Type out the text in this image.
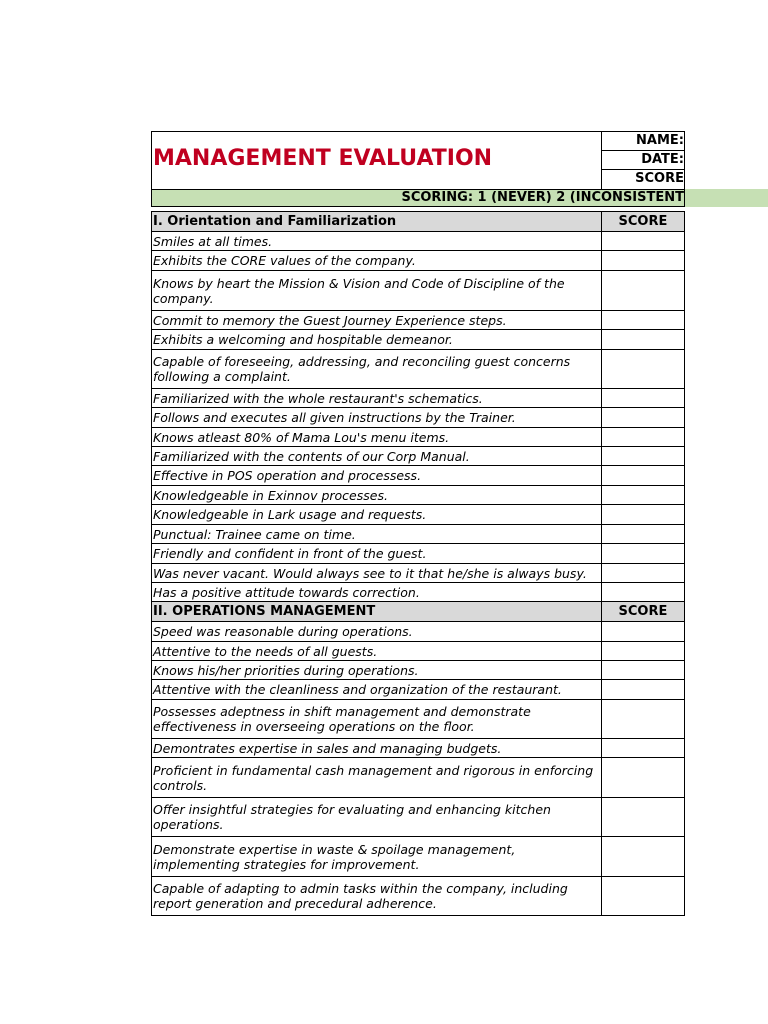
MANAGEMENT EVALUATION
NAME:
DATE:
SCORE
SCORING: 1 (NEVER) 2 (INCONSISTENT
I. Orientation and Familiarization	SCORE
Smiles at all times.	
Exhibits the CORE values of the company.	
Knows by heart the Mission & Vision and Code of Discipline of the company.	
Commit to memory the Guest Journey Experience steps.	
Exhibits a welcoming and hospitable demeanor.	
Capable of foreseeing, addressing, and reconciling guest concerns following a complaint.	
Familiarized with the whole restaurant's schematics.	
Follows and executes all given instructions by the Trainer.	
Knows atleast 80% of Mama Lou's menu items.	
Familiarized with the contents of our Corp Manual.	
Effective in POS operation and processess.	
Knowledgeable in Exinnov processes.	
Knowledgeable in Lark usage and requests.	
Punctual: Trainee came on time.	
Friendly and confident in front of the guest.	
Was never vacant. Would always see to it that he/she is always busy.	
Has a positive attitude towards correction.	
II. OPERATIONS MANAGEMENT	SCORE
Speed was reasonable during operations.	
Attentive to the needs of all guests.	
Knows his/her priorities during operations.	
Attentive with the cleanliness and organization of the restaurant.	
Possesses adeptness in shift management and demonstrate effectiveness in overseeing operations on the floor.	
Demontrates expertise in sales and managing budgets.	
Proficient in fundamental cash management and rigorous in enforcing controls.	
Offer insightful strategies for evaluating and enhancing kitchen operations.	
Demonstrate expertise in waste & spoilage management, implementing strategies for improvement.	
Capable of adapting to admin tasks within the company, including report generation and precedural adherence.	
